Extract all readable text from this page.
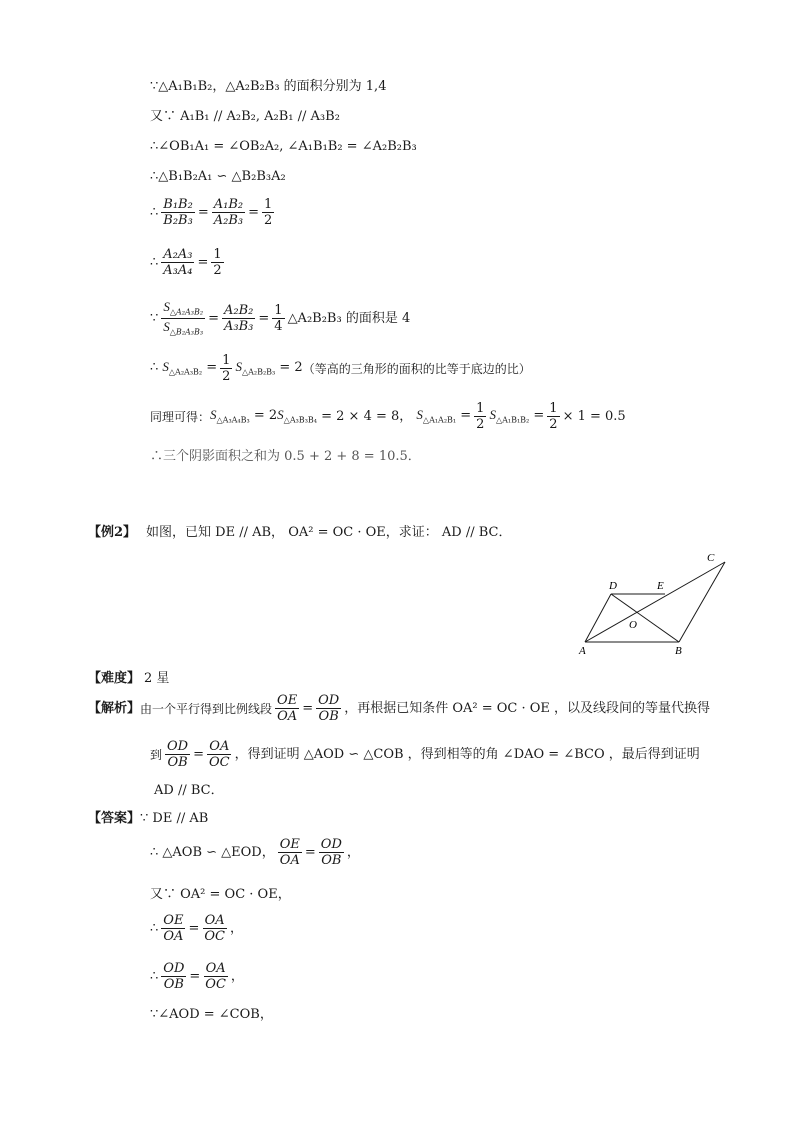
∵△A₁B₁B₂，△A₂B₂B₃ 的面积分别为 1,4
又∵ A₁B₁ // A₂B₂, A₂B₁ // A₃B₂
∴∠OB₁A₁ = ∠OB₂A₂, ∠A₁B₁B₂ = ∠A₂B₂B₃
∴△B₁B₂A₁ ∽ △B₂B₃A₂
∴ $\frac{\text{B₁B₂}}{\text{B₂B₃}} = \frac{\text{A₁B₂}}{\text{A₂B₃}} = \frac{1}{2}$
∴ $\frac{\text{A₂A₃}}{\text{A₃A₄}} = \frac{1}{2}$
∵ $\frac{S_{\triangle A_2A_3B_2}}{S_{\triangle B_2A_3B_3}} = \frac{\text{A₂B₂}}{\text{A₃B₃}} = \frac{1}{4}$ △A₂B₂B₃ 的面积是 4
∴ $S_{\triangle A_2A_3B_2} = \frac{1}{2} S_{\triangle A_2B_2B_3} = 2$ （等高的三角形的面积的比等于底边的比）
同理可得： $S_{\triangle A_3A_4B_3} = 2S_{\triangle A_3B_3B_4} = 2 \times 4 = 8$， $S_{\triangle A_1A_2B_1} = \frac{1}{2} S_{\triangle A_1B_1B_2} = \frac{1}{2} \times 1 = 0.5$
∴三个阴影面积之和为 0.5 + 2 + 8 = 10.5．
【例2】 如图，已知 DE // AB， OA² = OC · OE，求证： AD // BC．
A	B
C
D	E
O
【难度】 2 星
【解析】 由一个平行得到比例线段 $\frac{OE}{OA} = \frac{OD}{OB}$ ，再根据已知条件 OA² = OC · OE ，以及线段间的等量代换得
到 $\frac{OD}{OB} = \frac{OA}{OC}$ ，得到证明 △AOD ∽ △COB ，得到相等的角 ∠DAO = ∠BCO ，最后得到证明
AD // BC．
【答案】 ∵ DE // AB
∴ △AOB ∽ △EOD， $\frac{OE}{OA} = \frac{OD}{OB}$ ，
又∵ OA² = OC · OE，
∴ $\frac{OE}{OA} = \frac{OA}{OC}$ ，
∴ $\frac{OD}{OB} = \frac{OA}{OC}$ ，
∵∠AOD = ∠COB，
